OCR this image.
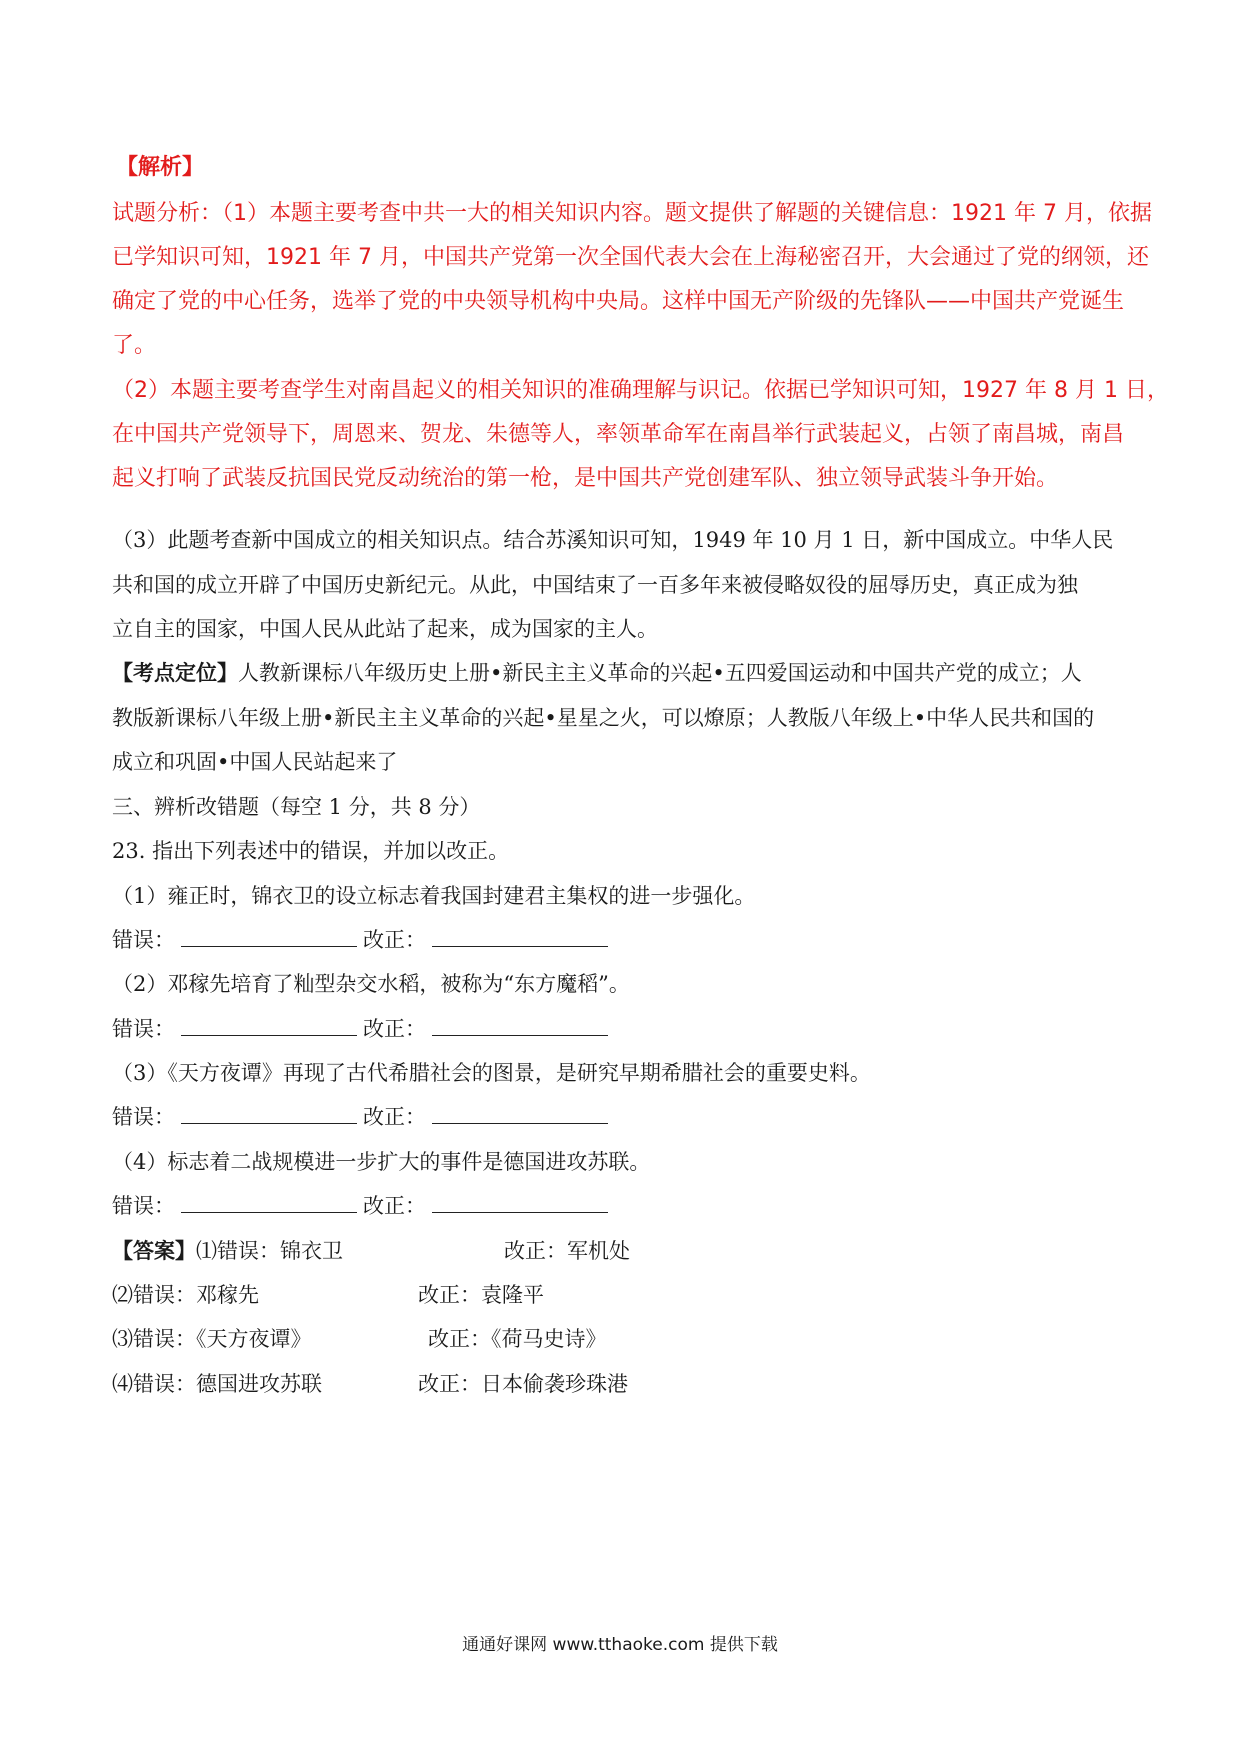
【解析】
试题分析：（1）本题主要考查中共一大的相关知识内容。题文提供了解题的关键信息：1921 年 7 月，依据
已学知识可知，1921 年 7 月，中国共产党第一次全国代表大会在上海秘密召开，大会通过了党的纲领，还
确定了党的中心任务，选举了党的中央领导机构中央局。这样中国无产阶级的先锋队——中国共产党诞生
了。
（2）本题主要考查学生对南昌起义的相关知识的准确理解与识记。依据已学知识可知，1927 年 8 月 1 日，
在中国共产党领导下，周恩来、贺龙、朱德等人，率领革命军在南昌举行武装起义，占领了南昌城，南昌
起义打响了武装反抗国民党反动统治的第一枪，是中国共产党创建军队、独立领导武装斗争开始。
（3）此题考查新中国成立的相关知识点。结合苏溪知识可知，1949 年 10 月 1 日，新中国成立。中华人民
共和国的成立开辟了中国历史新纪元。从此，中国结束了一百多年来被侵略奴役的屈辱历史，真正成为独
立自主的国家，中国人民从此站了起来，成为国家的主人。
【考点定位】人教新课标八年级历史上册•新民主主义革命的兴起•五四爱国运动和中国共产党的成立；人
教版新课标八年级上册•新民主主义革命的兴起•星星之火，可以燎原；人教版八年级上•中华人民共和国的
成立和巩固•中国人民站起来了
三、辨析改错题（每空 1 分，共 8 分）
23. 指出下列表述中的错误，并加以改正。
（1）雍正时，锦衣卫的设立标志着我国封建君主集权的进一步强化。
错误：	改正：
（2）邓稼先培育了籼型杂交水稻，被称为“东方魔稻”。
错误：	改正：
（3）《天方夜谭》再现了古代希腊社会的图景，是研究早期希腊社会的重要史料。
错误：	改正：
（4）标志着二战规模进一步扩大的事件是德国进攻苏联。
错误：	改正：
【答案】⑴错误：锦衣卫	改正：军机处
⑵错误：邓稼先	改正：袁隆平
⑶错误：《天方夜谭》	改正：《荷马史诗》
⑷错误：德国进攻苏联	改正：日本偷袭珍珠港
通通好课网 www.tthaoke.com 提供下载
